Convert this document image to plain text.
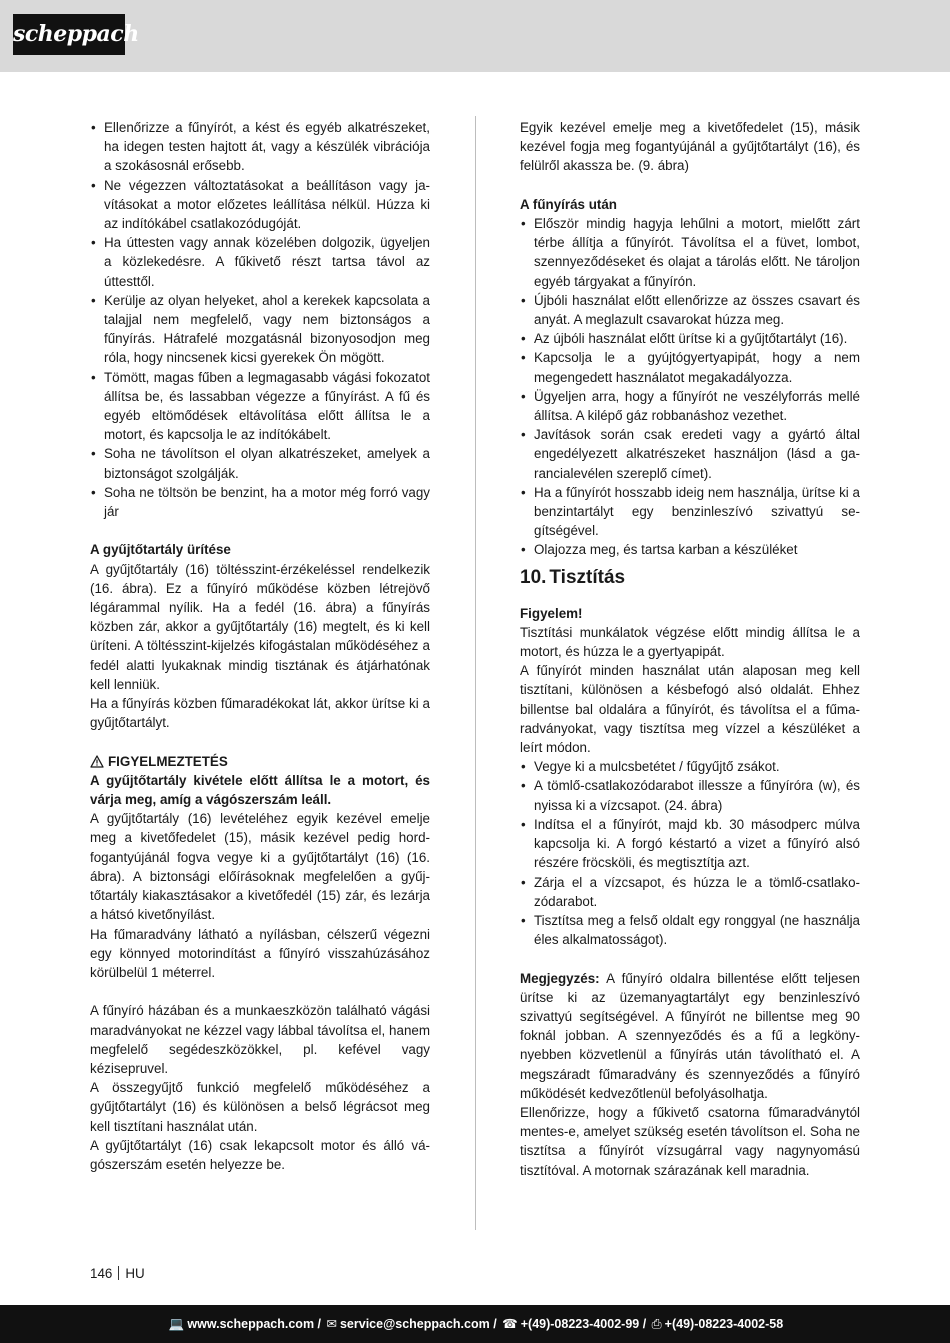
scheppach
• Ellenőrizze a fűnyírót, a kést és egyéb alkatrészeket, ha idegen testen hajtott át, vagy a készülék vibrációja a szokásosnál erősebb.
• Ne végezzen változtatásokat a beállításon vagy javításokat a motor előzetes leállítása nélkül. Húzza ki az indítókábel csatlakozódugóját.
• Ha úttesten vagy annak közelében dolgozik, ügyeljen a közlekedésre. A fűkivető részt tartsa távol az úttesttől.
• Kerülje az olyan helyeket, ahol a kerekek kapcsolata a talajjal nem megfelelő, vagy nem biztonságos a fűnyírás. Hátrafelé mozgatásnál bizonyosodjon meg róla, hogy nincsenek kicsi gyerekek Ön mögött.
• Tömött, magas fűben a legmagasabb vágási fokozatot állítsa be, és lassabban végezze a fűnyírást. A fű és egyéb eltömődések eltávolítása előtt állítsa le a motort, és kapcsolja le az indítókábelt.
• Soha ne távolítson el olyan alkatrészeket, amelyek a biztonságot szolgálják.
• Soha ne töltsön be benzint, ha a motor még forró vagy jár
A gyűjtőtartály ürítése

A gyűjtőtartály (16) töltésszint-érzékeléssel rendelkezik (16. ábra). Ez a fűnyíró működése közben létrejövő légárammal nyílik. Ha a fedél (16. ábra) a fűnyírás közben zár, akkor a gyűjtőtartály (16) megtelt, és ki kell üríteni. A töltésszint-kijelzés kifogástalan működéséhez a fedél alatti lyukaknak mindig tisztának és átjárhatónak kell lenniük.

Ha a fűnyírás közben fűmaradékokat lát, akkor ürítse ki a gyűjtőtartályt.

FIGYELMEZTETÉS

A gyűjtőtartály kivétele előtt állítsa le a motort, és várja meg, amíg a vágószerszám leáll.

A gyűjtőtartály (16) levételéhez egyik kezével emelje meg a kivetőfedelet (15), másik kezével pedig hordfogantyújánál fogva vegye ki a gyűjtőtartályt (16) (16. ábra). A biztonsági előírásoknak megfelelően a gyűjtőtartály kiakasztásakor a kivetőfedél (15) zár, és lezárja a hátsó kivetőnyílást.

Ha fűmaradvány látható a nyílásban, célszerű végezni egy könnyed motorindítást a fűnyíró visszahúzásához körülbelül 1 méterrel.

A fűnyíró házában és a munkaeszközön található vágási maradványokat ne kézzel vagy lábbal távolítsa el, hanem megfelelő segédeszközökkel, pl. kefével vagy kézisepruvel.

A összegyűjtő funkció megfelelő működéséhez a gyűjtőtartályt (16) és különösen a belső légrácsot meg kell tisztítani használat után.

A gyűjtőtartályt (16) csak lekapcsolt motor és álló vágószerszám esetén helyezze be.

Egyik kezével emelje meg a kivetőfedelet (15), másik kezével fogja meg fogantyújánál a gyűjtőtartályt (16), és felülről akassza be. (9. ábra)

A fűnyírás után
• Először mindig hagyja lehűlni a motort, mielőtt zárt térbe állítja a fűnyírót. Távolítsa el a füvet, lombot, szennyeződéseket és olajat a tárolás előtt. Ne tároljon egyéb tárgyakat a fűnyírón.
• Újbóli használat előtt ellenőrizze az összes csavart és anyát. A meglazult csavarokat húzza meg.
• Az újbóli használat előtt ürítse ki a gyűjtőtartályt (16).
• Kapcsolja le a gyújtógyertyapipát, hogy a nem megengedett használatot megakadályozza.
• Ügyeljen arra, hogy a fűnyírót ne veszélyforrás mellé állítsa. A kilépő gáz robbanáshoz vezethet.
• Javítások során csak eredeti vagy a gyártó által engedélyezett alkatrészeket használjon (lásd a garancialevélen szereplő címet).
• Ha a fűnyírót hosszabb ideig nem használja, ürítse ki a benzintartályt egy benzinleszívó szivattyú segítségével.
• Olajozza meg, és tartsa karban a készüléket
10. Tisztítás
Figyelem!

Tisztítási munkálatok végzése előtt mindig állítsa le a motort, és húzza le a gyertyapipát.

A fűnyírót minden használat után alaposan meg kell tisztítani, különösen a késbefogó alsó oldalát. Ehhez billentse bal oldalára a fűnyírót, és távolítsa el a fűmaradványokat, vagy tisztítsa meg vízzel a készüléket a leírt módon.

• Vegye ki a mulcsbetétet / fűgyűjtő zsákot.
• A tömlő-csatlakozódarabot illessze a fűnyíróra (w), és nyissa ki a vízcsapot. (24. ábra)
• Indítsa el a fűnyírót, majd kb. 30 másodperc múlva kapcsolja ki. A forgó késtartó a vizet a fűnyíró alsó részére fröcsköli, és megtisztítja azt.
• Zárja el a vízcsapot, és húzza le a tömlő-csatlakozódarabot.
• Tisztítsa meg a felső oldalt egy ronggyal (ne használja éles alkalmatosságot).

Megjegyzés: A fűnyíró oldalra billentése előtt teljesen ürítse ki az üzemanyagtartályt egy benzinleszívó szivattyú segítségével. A fűnyírót ne billentse meg 90 foknál jobban. A szennyeződés és a fű a legkönynyebben közvetlenül a fűnyírás után távolítható el. A megszáradt fűmaradvány és szennyeződés a fűnyíró működését kedvezőtlenül befolyásolhatja.

Ellenőrizze, hogy a fűkivető csatorna fűmaradványtól mentes-e, amelyet szükség esetén távolítson el. Soha ne tisztítsa a fűnyírót vízsugárral vagy nagynyomású tisztítóval. A motornak szárazának kell maradnia.

146 HU
💻 www.scheppach.com / ✉ service@scheppach.com / ☎ +(49)-08223-4002-99 / ⎙ +(49)-08223-4002-58
